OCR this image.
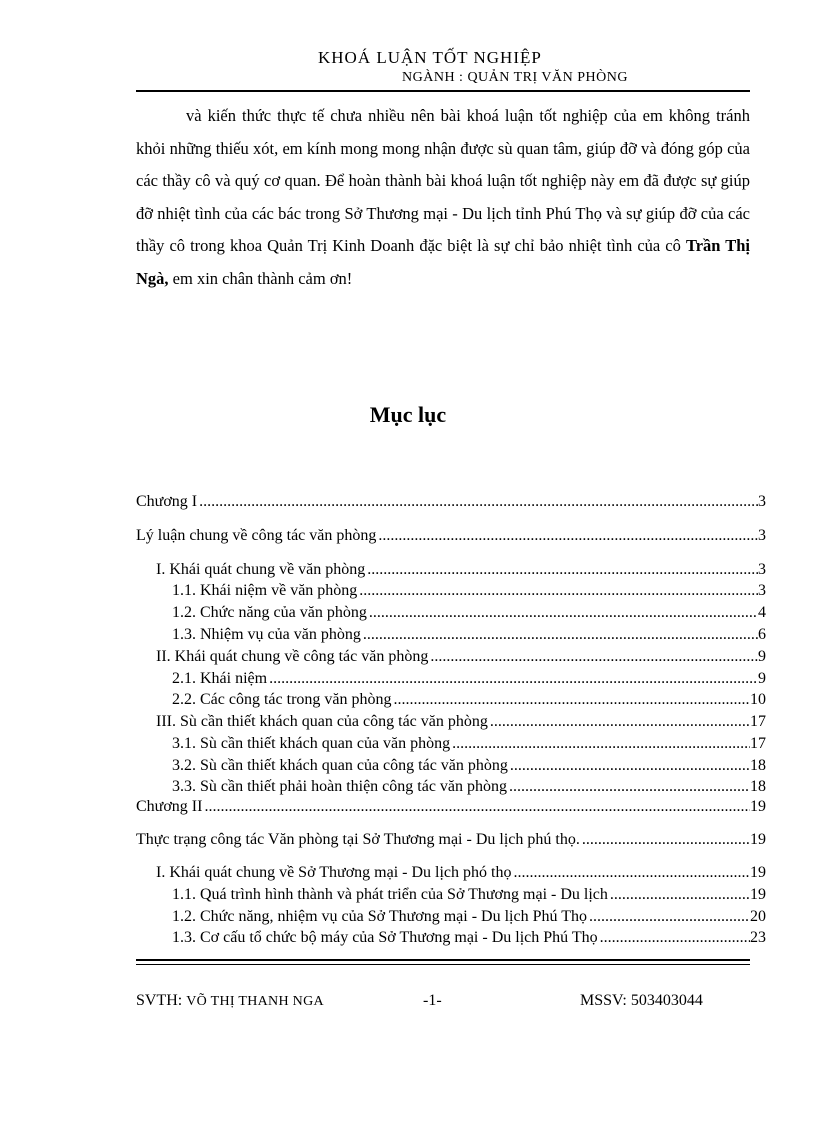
KHOÁ LUẬN TỐT NGHIỆP
NGÀNH : QUẢN TRỊ VĂN PHÒNG

và kiến thức thực tế chưa nhiều nên bài khoá luận tốt nghiệp của em không tránh khỏi những thiếu xót, em kính mong mong nhận được sù quan tâm, giúp đỡ và đóng góp của các thầy cô và quý cơ quan. Để hoàn thành bài khoá luận tốt nghiệp này em đã được sự giúp đỡ nhiệt tình của các bác trong Sở Thương mại - Du lịch tỉnh Phú Thọ và sự giúp đỡ của các thầy cô trong khoa Quản Trị Kinh Doanh đặc biệt là sự chỉ bảo nhiệt tình của cô Trần Thị Ngà, em xin chân thành cảm ơn!

Mục lục
Chương I .....	3
Lý luận chung về công tác văn phòng .....	3
I. Khái quát chung về văn phòng .....	3
1.1. Khái niệm về văn phòng .....	3
1.2. Chức năng của văn phòng .....	4
1.3. Nhiệm vụ của văn phòng .....	6
II. Khái quát chung về công tác văn phòng .....	9
2.1. Khái niệm .....	9
2.2. Các công tác trong văn phòng .....	10
III. Sù cần thiết khách quan của công tác văn phòng .....	17
3.1. Sù cần thiết khách quan của văn phòng .....	17
3.2. Sù cần thiết khách quan của công tác văn phòng .....	18
3.3. Sù cần thiết phải hoàn thiện công tác văn phòng .....	18
Chương II .....	19
Thực trạng công tác Văn phòng tại Sở Thương mại - Du lịch phú thọ. .....	19
I. Khái quát chung về Sở Thương mại - Du lịch phó thọ .....	19
1.1. Quá trình hình thành và phát triển của Sở Thương mại - Du lịch .....	19
1.2. Chức năng, nhiệm vụ của Sở Thương mại - Du lịch Phú Thọ .....	20
1.3. Cơ cấu tổ chức bộ máy của Sở Thương mại - Du lịch Phú Thọ .....	23
SVTH: VÕ THỊ THANH NGA	-1-	MSSV: 503403044
